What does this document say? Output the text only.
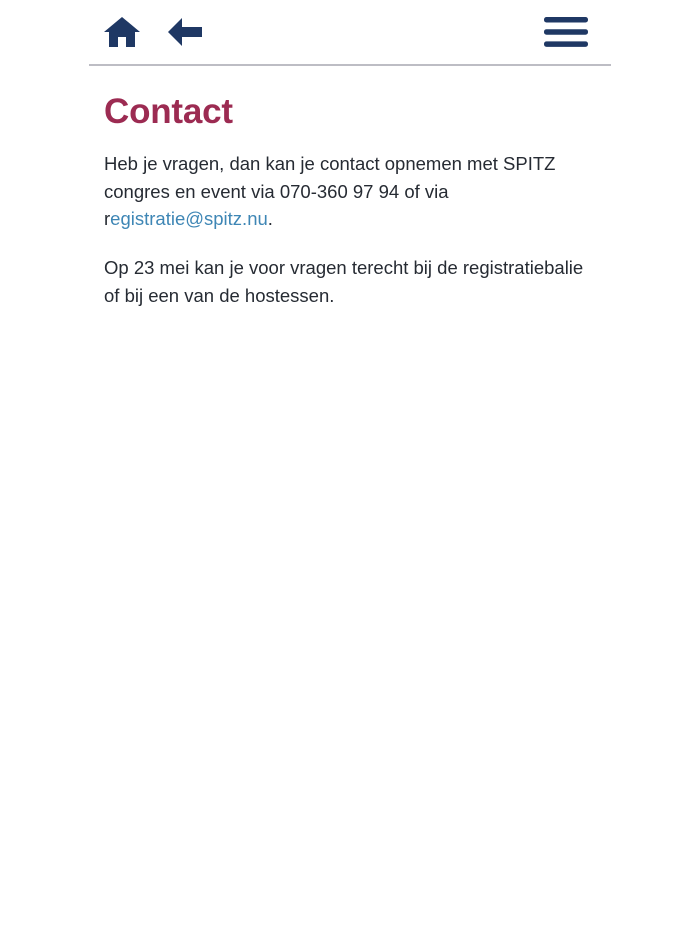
Contact

Heb je vragen, dan kan je contact opnemen met SPITZ congres en event via 070-360 97 94 of via registratie@spitz.nu.

Op 23 mei kan je voor vragen terecht bij de registratiebalie of bij een van de hostessen.
